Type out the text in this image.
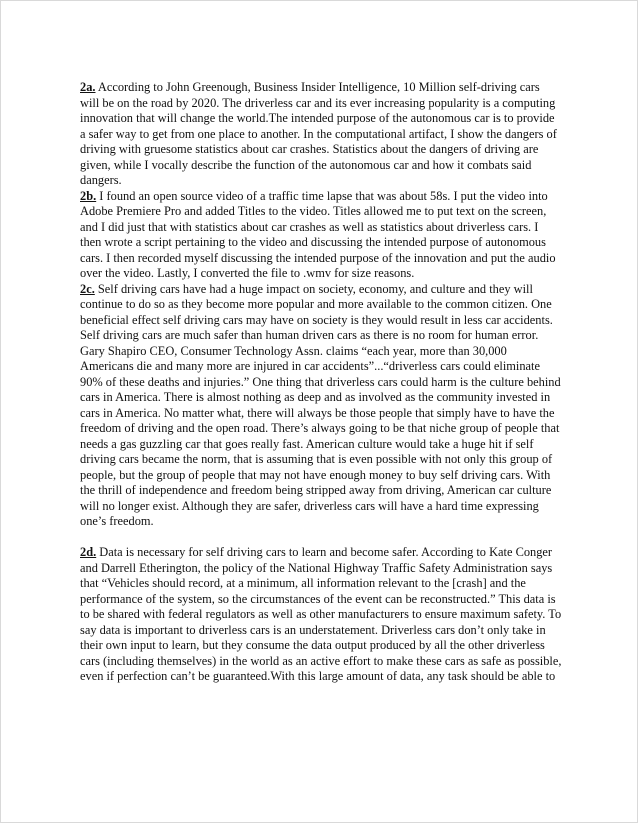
2a. According to John Greenough, Business Insider Intelligence, 10 Million self-driving cars will be on the road by 2020. The driverless car and its ever increasing popularity is a computing innovation that will change the world.The intended purpose of the autonomous car is to provide a safer way to get from one place to another. In the computational artifact, I show the dangers of driving with gruesome statistics about car crashes. Statistics about the dangers of driving are given, while I vocally describe the function of the autonomous car and how it combats said dangers.

2b. I found an open source video of a traffic time lapse that was about 58s. I put the video into Adobe Premiere Pro and added Titles to the video. Titles allowed me to put text on the screen, and I did just that with statistics about car crashes as well as statistics about driverless cars. I then wrote a script pertaining to the video and discussing the intended purpose of autonomous cars. I then recorded myself discussing the intended purpose of the innovation and put the audio over the video. Lastly, I converted the file to .wmv for size reasons.

2c. Self driving cars have had a huge impact on society, economy, and culture and they will continue to do so as they become more popular and more available to the common citizen. One beneficial effect self driving cars may have on society is they would result in less car accidents. Self driving cars are much safer than human driven cars as there is no room for human error. Gary Shapiro CEO, Consumer Technology Assn. claims “each year, more than 30,000 Americans die and many more are injured in car accidents”...“driverless cars could eliminate 90% of these deaths and injuries.” One thing that driverless cars could harm is the culture behind cars in America. There is almost nothing as deep and as involved as the community invested in cars in America. No matter what, there will always be those people that simply have to have the freedom of driving and the open road. There’s always going to be that niche group of people that needs a gas guzzling car that goes really fast. American culture would take a huge hit if self driving cars became the norm, that is assuming that is even possible with not only this group of people, but the group of people that may not have enough money to buy self driving cars. With the thrill of independence and freedom being stripped away from driving, American car culture will no longer exist. Although they are safer, driverless cars will have a hard time expressing one’s freedom.

2d. Data is necessary for self driving cars to learn and become safer. According to Kate Conger and Darrell Etherington, the policy of the National Highway Traffic Safety Administration says that “Vehicles should record, at a minimum, all information relevant to the [crash] and the performance of the system, so the circumstances of the event can be reconstructed.” This data is to be shared with federal regulators as well as other manufacturers to ensure maximum safety. To say data is important to driverless cars is an understatement. Driverless cars don’t only take in their own input to learn, but they consume the data output produced by all the other driverless cars (including themselves) in the world as an active effort to make these cars as safe as possible, even if perfection can’t be guaranteed.With this large amount of data, any task should be able to
